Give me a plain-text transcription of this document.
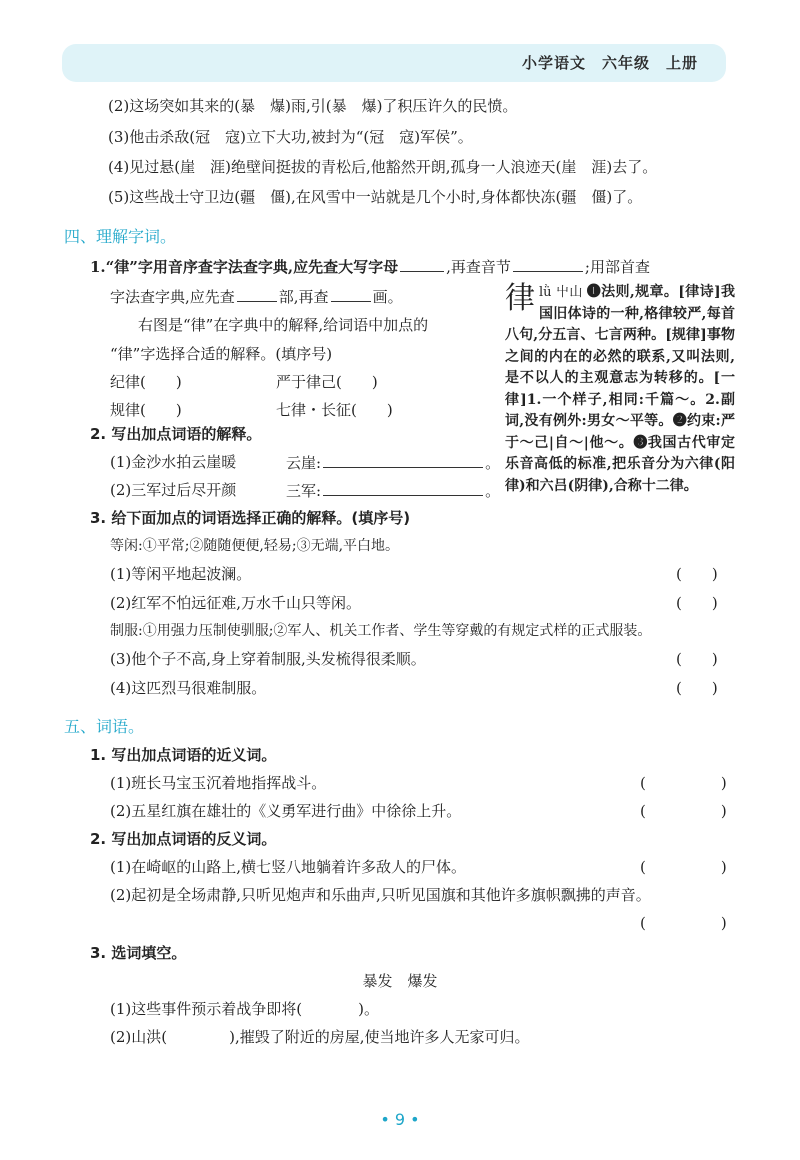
小学语文　六年级　上册
(2)这场突如其来的(暴　爆)雨,引(暴　爆)了积压许久的民愤。
(3)他击杀敌(冠　寇)立下大功,被封为“(冠　寇)军侯”。
(4)见过悬(崖　涯)绝壁间挺拔的青松后,他豁然开朗,孤身一人浪迹天(崖　涯)去了。
(5)这些战士守卫边(疆　僵),在风雪中一站就是几个小时,身体都快冻(疆　僵)了。
四、理解字词。
1.“律”字用音序查字法查字典,应先查大写字母	,再查音节	;用部首查
字法查字典,应先查	部,再查	画。
右图是“律”在字典中的解释,给词语中加点的
“律”字选择合适的解释。(填序号)
纪律(　　)	严于律己(　　)
规律(　　)	七律・长征(　　)
律lǜ 屮山 ❶法则,规章。[律诗]我国旧体诗的一种,格律较严,每首八句,分五言、七言两种。[规律]事物之间的内在的必然的联系,又叫法则,是不以人的主观意志为转移的。[一律]1.一个样子,相同:千篇～。2.副词,没有例外:男女～平等。❷约束:严于～己|自～|他～。❸我国古代审定乐音高低的标准,把乐音分为六律(阳律)和六吕(阴律),合称十二律。
2. 写出加点词语的解释。
(1)金沙水拍云崖暖	云崖:	。
(2)三军过后尽开颜	三军:	。
3. 给下面加点的词语选择正确的解释。(填序号)
等闲:①平常;②随随便便,轻易;③无端,平白地。
(1)等闲平地起波澜。	(　　)
(2)红军不怕远征难,万水千山只等闲。	(　　)
制服:①用强力压制使驯服;②军人、机关工作者、学生等穿戴的有规定式样的正式服装。
(3)他个子不高,身上穿着制服,头发梳得很柔顺。	(　　)
(4)这匹烈马很难制服。	(　　)
五、词语。
1. 写出加点词语的近义词。
(1)班长马宝玉沉着地指挥战斗。	(　　　　　)
(2)五星红旗在雄壮的《义勇军进行曲》中徐徐上升。	(　　　　　)
2. 写出加点词语的反义词。
(1)在崎岖的山路上,横七竖八地躺着许多敌人的尸体。	(　　　　　)
(2)起初是全场肃静,只听见炮声和乐曲声,只听见国旗和其他许多旗帜飘拂的声音。
(　　　　　)
3. 选词填空。
暴发　爆发
(1)这些事件预示着战争即将(	)。
(2)山洪(	),摧毁了附近的房屋,使当地许多人无家可归。
• 9 •
